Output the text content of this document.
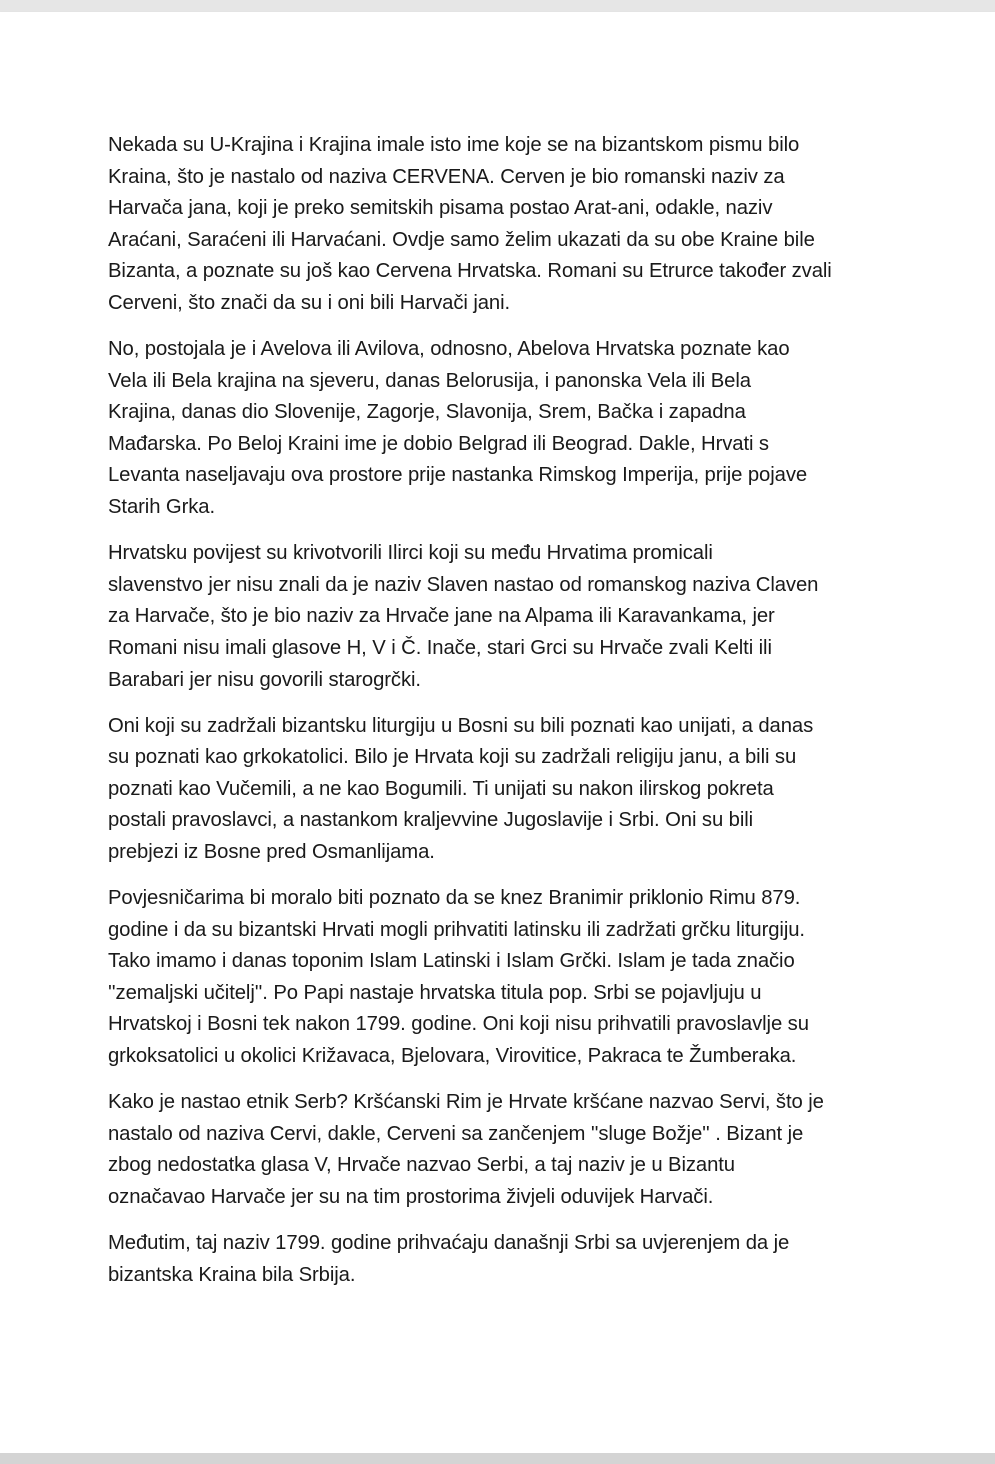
Nekada su U-Krajina i Krajina imale isto ime koje se na bizantskom pismu bilo
Kraina, što je nastalo od naziva CERVENA. Cerven je bio romanski naziv za
Harvača jana, koji je preko semitskih pisama postao Arat-ani, odakle, naziv
Araćani, Saraćeni ili Harvaćani. Ovdje samo želim ukazati da su obe Kraine bile
Bizanta, a poznate su još kao Cervena Hrvatska. Romani su Etrurce također zvali
Cerveni, što znači da su i oni bili Harvači jani.

No, postojala je i Avelova ili Avilova, odnosno, Abelova Hrvatska poznate kao
Vela ili Bela krajina na sjeveru, danas Belorusija, i panonska Vela ili Bela
Krajina, danas dio Slovenije, Zagorje, Slavonija, Srem, Bačka i zapadna
Mađarska. Po Beloj Kraini ime je dobio Belgrad ili Beograd. Dakle, Hrvati s
Levanta naseljavaju ova prostore prije nastanka Rimskog Imperija, prije pojave
Starih Grka.

Hrvatsku povijest su krivotvorili Ilirci koji su među Hrvatima promicali
slavenstvo jer nisu znali da je naziv Slaven nastao od romanskog naziva Claven
za Harvače, što je bio naziv za Hrvače jane na Alpama ili Karavankama, jer
Romani nisu imali glasove H, V i Č. Inače, stari Grci su Hrvače zvali Kelti ili
Barabari jer nisu govorili starogrčki.

Oni koji su zadržali bizantsku liturgiju u Bosni su bili poznati kao unijati, a danas
su poznati kao grkokatolici. Bilo je Hrvata koji su zadržali religiju janu, a bili su
poznati kao Vučemili, a ne kao Bogumili. Ti unijati su nakon ilirskog pokreta
postali pravoslavci, a nastankom kraljevvine Jugoslavije i Srbi. Oni su bili
prebjezi iz Bosne pred Osmanlijama.

Povjesničarima bi moralo biti poznato da se knez Branimir priklonio Rimu 879.
godine i da su bizantski Hrvati mogli prihvatiti latinsku ili zadržati grčku liturgiju.
Tako imamo i danas toponim Islam Latinski i Islam Grčki. Islam je tada značio
''zemaljski učitelj''. Po Papi nastaje hrvatska titula pop. Srbi se pojavljuju u
Hrvatskoj i Bosni tek nakon 1799. godine. Oni koji nisu prihvatili pravoslavlje su
grkoksatolici u okolici Križavaca, Bjelovara, Virovitice, Pakraca te Žumberaka.

Kako je nastao etnik Serb? Kršćanski Rim je Hrvate kršćane nazvao Servi, što je
nastalo od naziva Cervi, dakle, Cerveni sa zančenjem ''sluge Božje'' . Bizant je
zbog nedostatka glasa V, Hrvače nazvao Serbi, a taj naziv je u Bizantu
označavao Harvače jer su na tim prostorima živjeli oduvijek Harvači.

Međutim, taj naziv 1799. godine prihvaćaju današnji Srbi sa uvjerenjem da je
bizantska Kraina bila Srbija.
